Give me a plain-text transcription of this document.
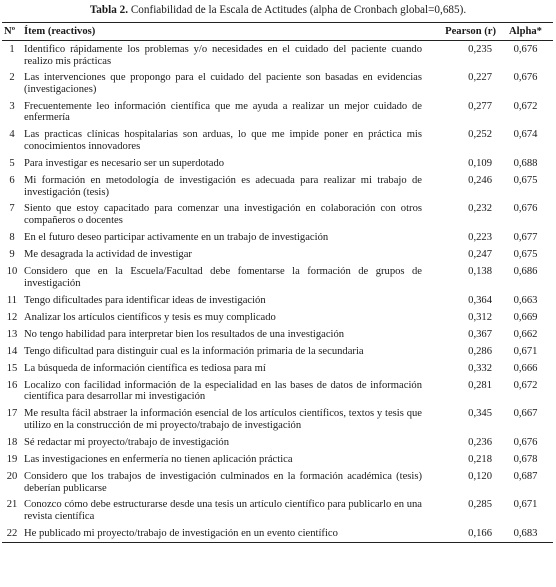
Tabla 2. Confiabilidad de la Escala de Actitudes (alpha de Cronbach global=0,685).
Nº	Ítem (reactivos)	Pearson (r)	Alpha*
1	Identifico rápidamente los problemas y/o necesidades en el cuidado del paciente cuando realizo mis prácticas	0,235	0,676
2	Las intervenciones que propongo para el cuidado del paciente son basadas en evidencias (investigaciones)	0,227	0,676
3	Frecuentemente leo información científica que me ayuda a realizar un mejor cuidado de enfermería	0,277	0,672
4	Las practicas clínicas hospitalarias son arduas, lo que me impide poner en práctica mis conocimientos innovadores	0,252	0,674
5	Para investigar es necesario ser un superdotado	0,109	0,688
6	Mi formación en metodología de investigación es adecuada para realizar mi trabajo de investigación (tesis)	0,246	0,675
7	Siento que estoy capacitado para comenzar una investigación en colaboración con otros compañeros o docentes	0,232	0,676
8	En el futuro deseo participar activamente en un trabajo de investigación	0,223	0,677
9	Me desagrada la actividad de investigar	0,247	0,675
10	Considero que en la Escuela/Facultad debe fomentarse la formación de grupos de investigación	0,138	0,686
11	Tengo dificultades para identificar ideas de investigación	0,364	0,663
12	Analizar los artículos científicos y tesis es muy complicado	0,312	0,669
13	No tengo habilidad para interpretar bien los resultados de una investigación	0,367	0,662
14	Tengo dificultad para distinguir cual es la información primaria de la secundaria	0,286	0,671
15	La búsqueda de información científica es tediosa para mí	0,332	0,666
16	Localizo con facilidad información de la especialidad en las bases de datos de información científica para desarrollar mi investigación	0,281	0,672
17	Me resulta fácil abstraer la información esencial de los artículos científicos, textos y tesis que utilizo en la construcción de mi proyecto/trabajo de investigación	0,345	0,667
18	Sé redactar mi proyecto/trabajo de investigación	0,236	0,676
19	Las investigaciones en enfermería no tienen aplicación práctica	0,218	0,678
20	Considero que los trabajos de investigación culminados en la formación académica (tesis) deberían publicarse	0,120	0,687
21	Conozco cómo debe estructurarse desde una tesis un artículo científico para publicarlo en una revista científica	0,285	0,671
22	He publicado mi proyecto/trabajo de investigación en un evento científico	0,166	0,683
